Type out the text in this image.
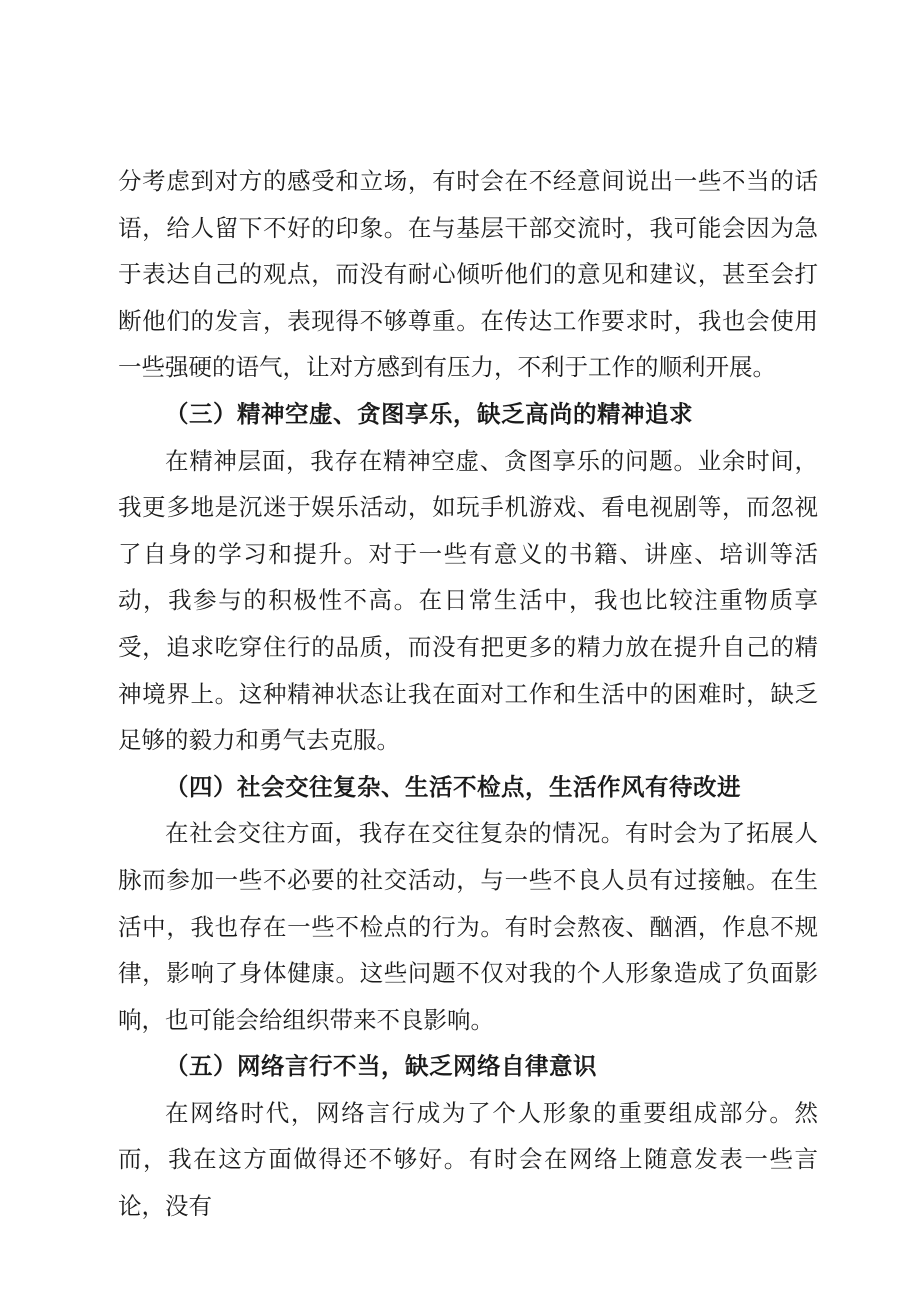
分考虑到对方的感受和立场，有时会在不经意间说出一些不当的话语，给人留下不好的印象。在与基层干部交流时，我可能会因为急于表达自己的观点，而没有耐心倾听他们的意见和建议，甚至会打断他们的发言，表现得不够尊重。在传达工作要求时，我也会使用一些强硬的语气，让对方感到有压力，不利于工作的顺利开展。

（三）精神空虚、贪图享乐，缺乏高尚的精神追求

在精神层面，我存在精神空虚、贪图享乐的问题。业余时间，我更多地是沉迷于娱乐活动，如玩手机游戏、看电视剧等，而忽视了自身的学习和提升。对于一些有意义的书籍、讲座、培训等活动，我参与的积极性不高。在日常生活中，我也比较注重物质享受，追求吃穿住行的品质，而没有把更多的精力放在提升自己的精神境界上。这种精神状态让我在面对工作和生活中的困难时，缺乏足够的毅力和勇气去克服。

（四）社会交往复杂、生活不检点，生活作风有待改进

在社会交往方面，我存在交往复杂的情况。有时会为了拓展人脉而参加一些不必要的社交活动，与一些不良人员有过接触。在生活中，我也存在一些不检点的行为。有时会熬夜、酗酒，作息不规律，影响了身体健康。这些问题不仅对我的个人形象造成了负面影响，也可能会给组织带来不良影响。

（五）网络言行不当，缺乏网络自律意识

在网络时代，网络言行成为了个人形象的重要组成部分。然而，我在这方面做得还不够好。有时会在网络上随意发表一些言论，没有
